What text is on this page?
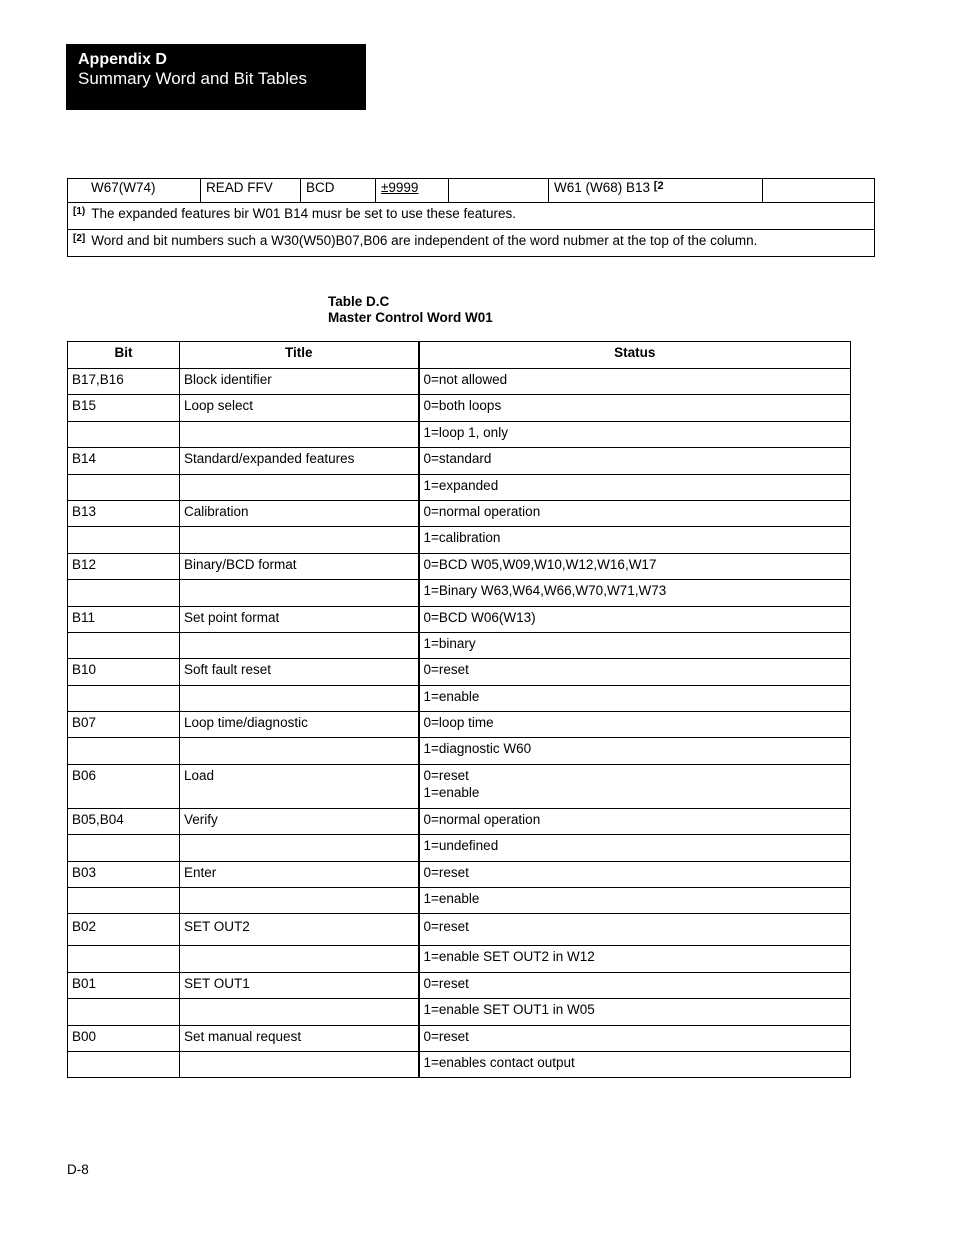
Appendix D
Summary Word and Bit Tables
W67(W74)	READ FFV	BCD	±9999		W61 (W68) B13 $^{[2}$	
$^{[1)}$ The expanded features bir W01 B14 musr be set to use these features.
[2] Word and bit numbers such a W30(W50)B07,B06 are independent of the word nubmer at the top of the column.
Table D.C
Master Control Word W01
Bit	Title	Status
B17,B16	Block identifier	0=not allowed

B15	Loop select	0=both loops

		1=loop 1, only

B14	Standard/expanded features	0=standard

		1=expanded

B13	Calibration	0=normal operation

		1=calibration

B12	Binary/BCD format	0=BCD W05,W09,W10,W12,W16,W17

		1=Binary W63,W64,W66,W70,W71,W73

B11	Set point format	0=BCD W06(W13)

		1=binary

B10	Soft fault reset	0=reset

		1=enable

B07	Loop time/diagnostic	0=loop time

		1=diagnostic W60

B06	Load	0=reset
1=enable

B05,B04	Verify	0=normal operation

		1=undefined

B03	Enter	0=reset

		1=enable

B02	SET OUT2	0=reset

		1=enable SET OUT2 in W12

B01	SET OUT1	0=reset

		1=enable SET OUT1 in W05

B00	Set manual request	0=reset

		1=enables contact output
D-8
